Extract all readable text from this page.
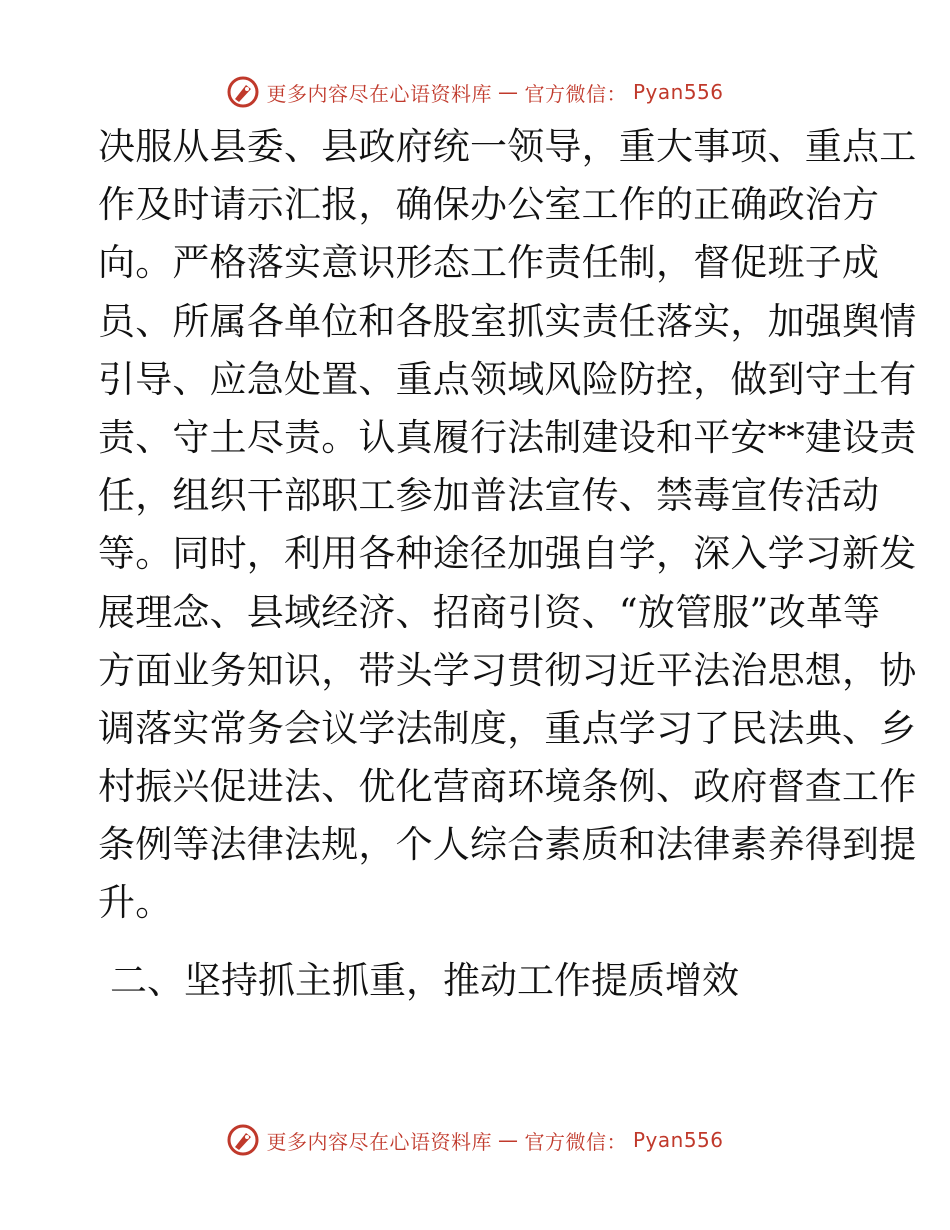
更多内容尽在心语资料库 — 官方微信： Pyan556
决服从县委、县政府统一领导，重大事项、重点工
作及时请示汇报，确保办公室工作的正确政治方
向。严格落实意识形态工作责任制，督促班子成
员、所属各单位和各股室抓实责任落实，加强舆情
引导、应急处置、重点领域风险防控，做到守土有
责、守土尽责。认真履行法制建设和平安**建设责
任，组织干部职工参加普法宣传、禁毒宣传活动
等。同时，利用各种途径加强自学，深入学习新发
展理念、县域经济、招商引资、“放管服”改革等
方面业务知识，带头学习贯彻习近平法治思想，协
调落实常务会议学法制度，重点学习了民法典、乡
村振兴促进法、优化营商环境条例、政府督查工作
条例等法律法规，个人综合素质和法律素养得到提
升。
二、坚持抓主抓重，推动工作提质增效
更多内容尽在心语资料库 — 官方微信： Pyan556
